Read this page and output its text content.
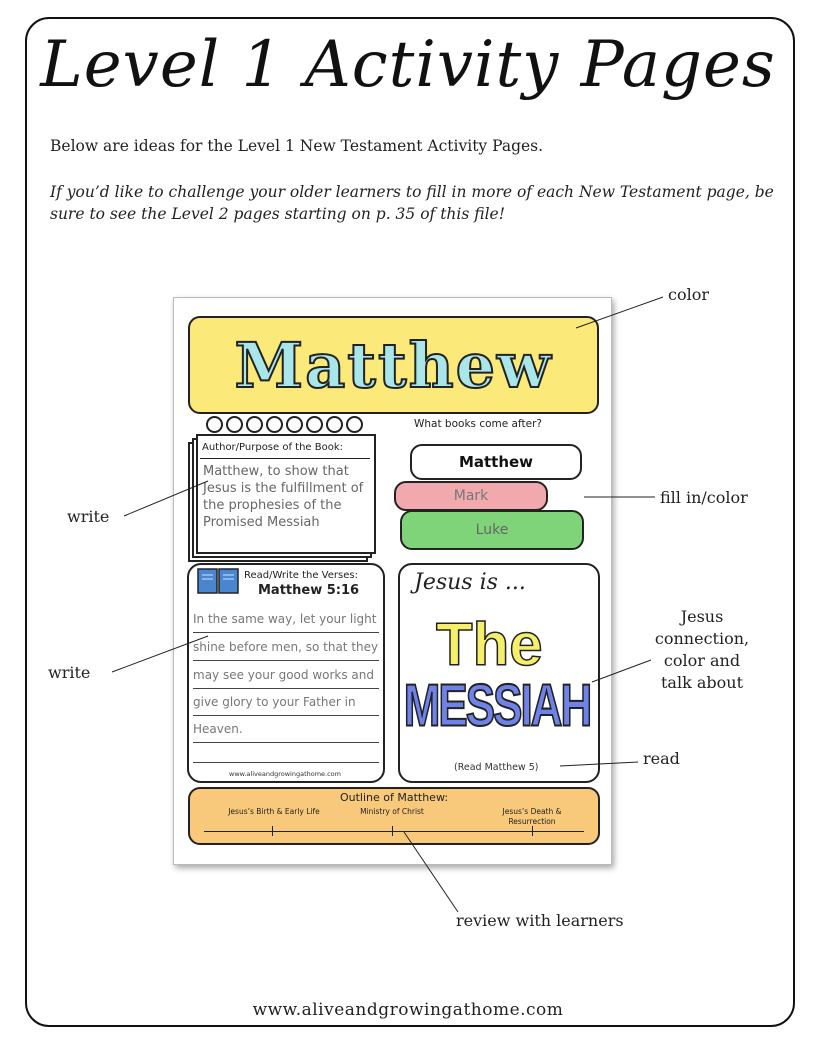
Level 1 Activity Pages
Below are ideas for the Level 1 New Testament Activity Pages.
If you’d like to challenge your older learners to fill in more of each New Testament page, be sure to see the Level 2 pages starting on p. 35 of this file!
Matthew
Author/Purpose of the Book:
Matthew, to show that Jesus is the fulfillment of the prophesies of the Promised Messiah
What books come after?
Matthew
Mark
Luke
Read/Write the Verses:
Matthew 5:16
In the same way, let your light
shine before men, so that they
may see your good works and
give glory to your Father in
Heaven.
www.aliveandgrowingathome.com
Jesus is ...
The
MESSIAH
(Read Matthew 5)
Outline of Matthew:
Jesus’s Birth & Early Life	Ministry of Christ	Jesus’s Death & Resurrection
color
fill in/color
write
write
Jesus connection, color and talk about
read
review with learners
www.aliveandgrowingathome.com
